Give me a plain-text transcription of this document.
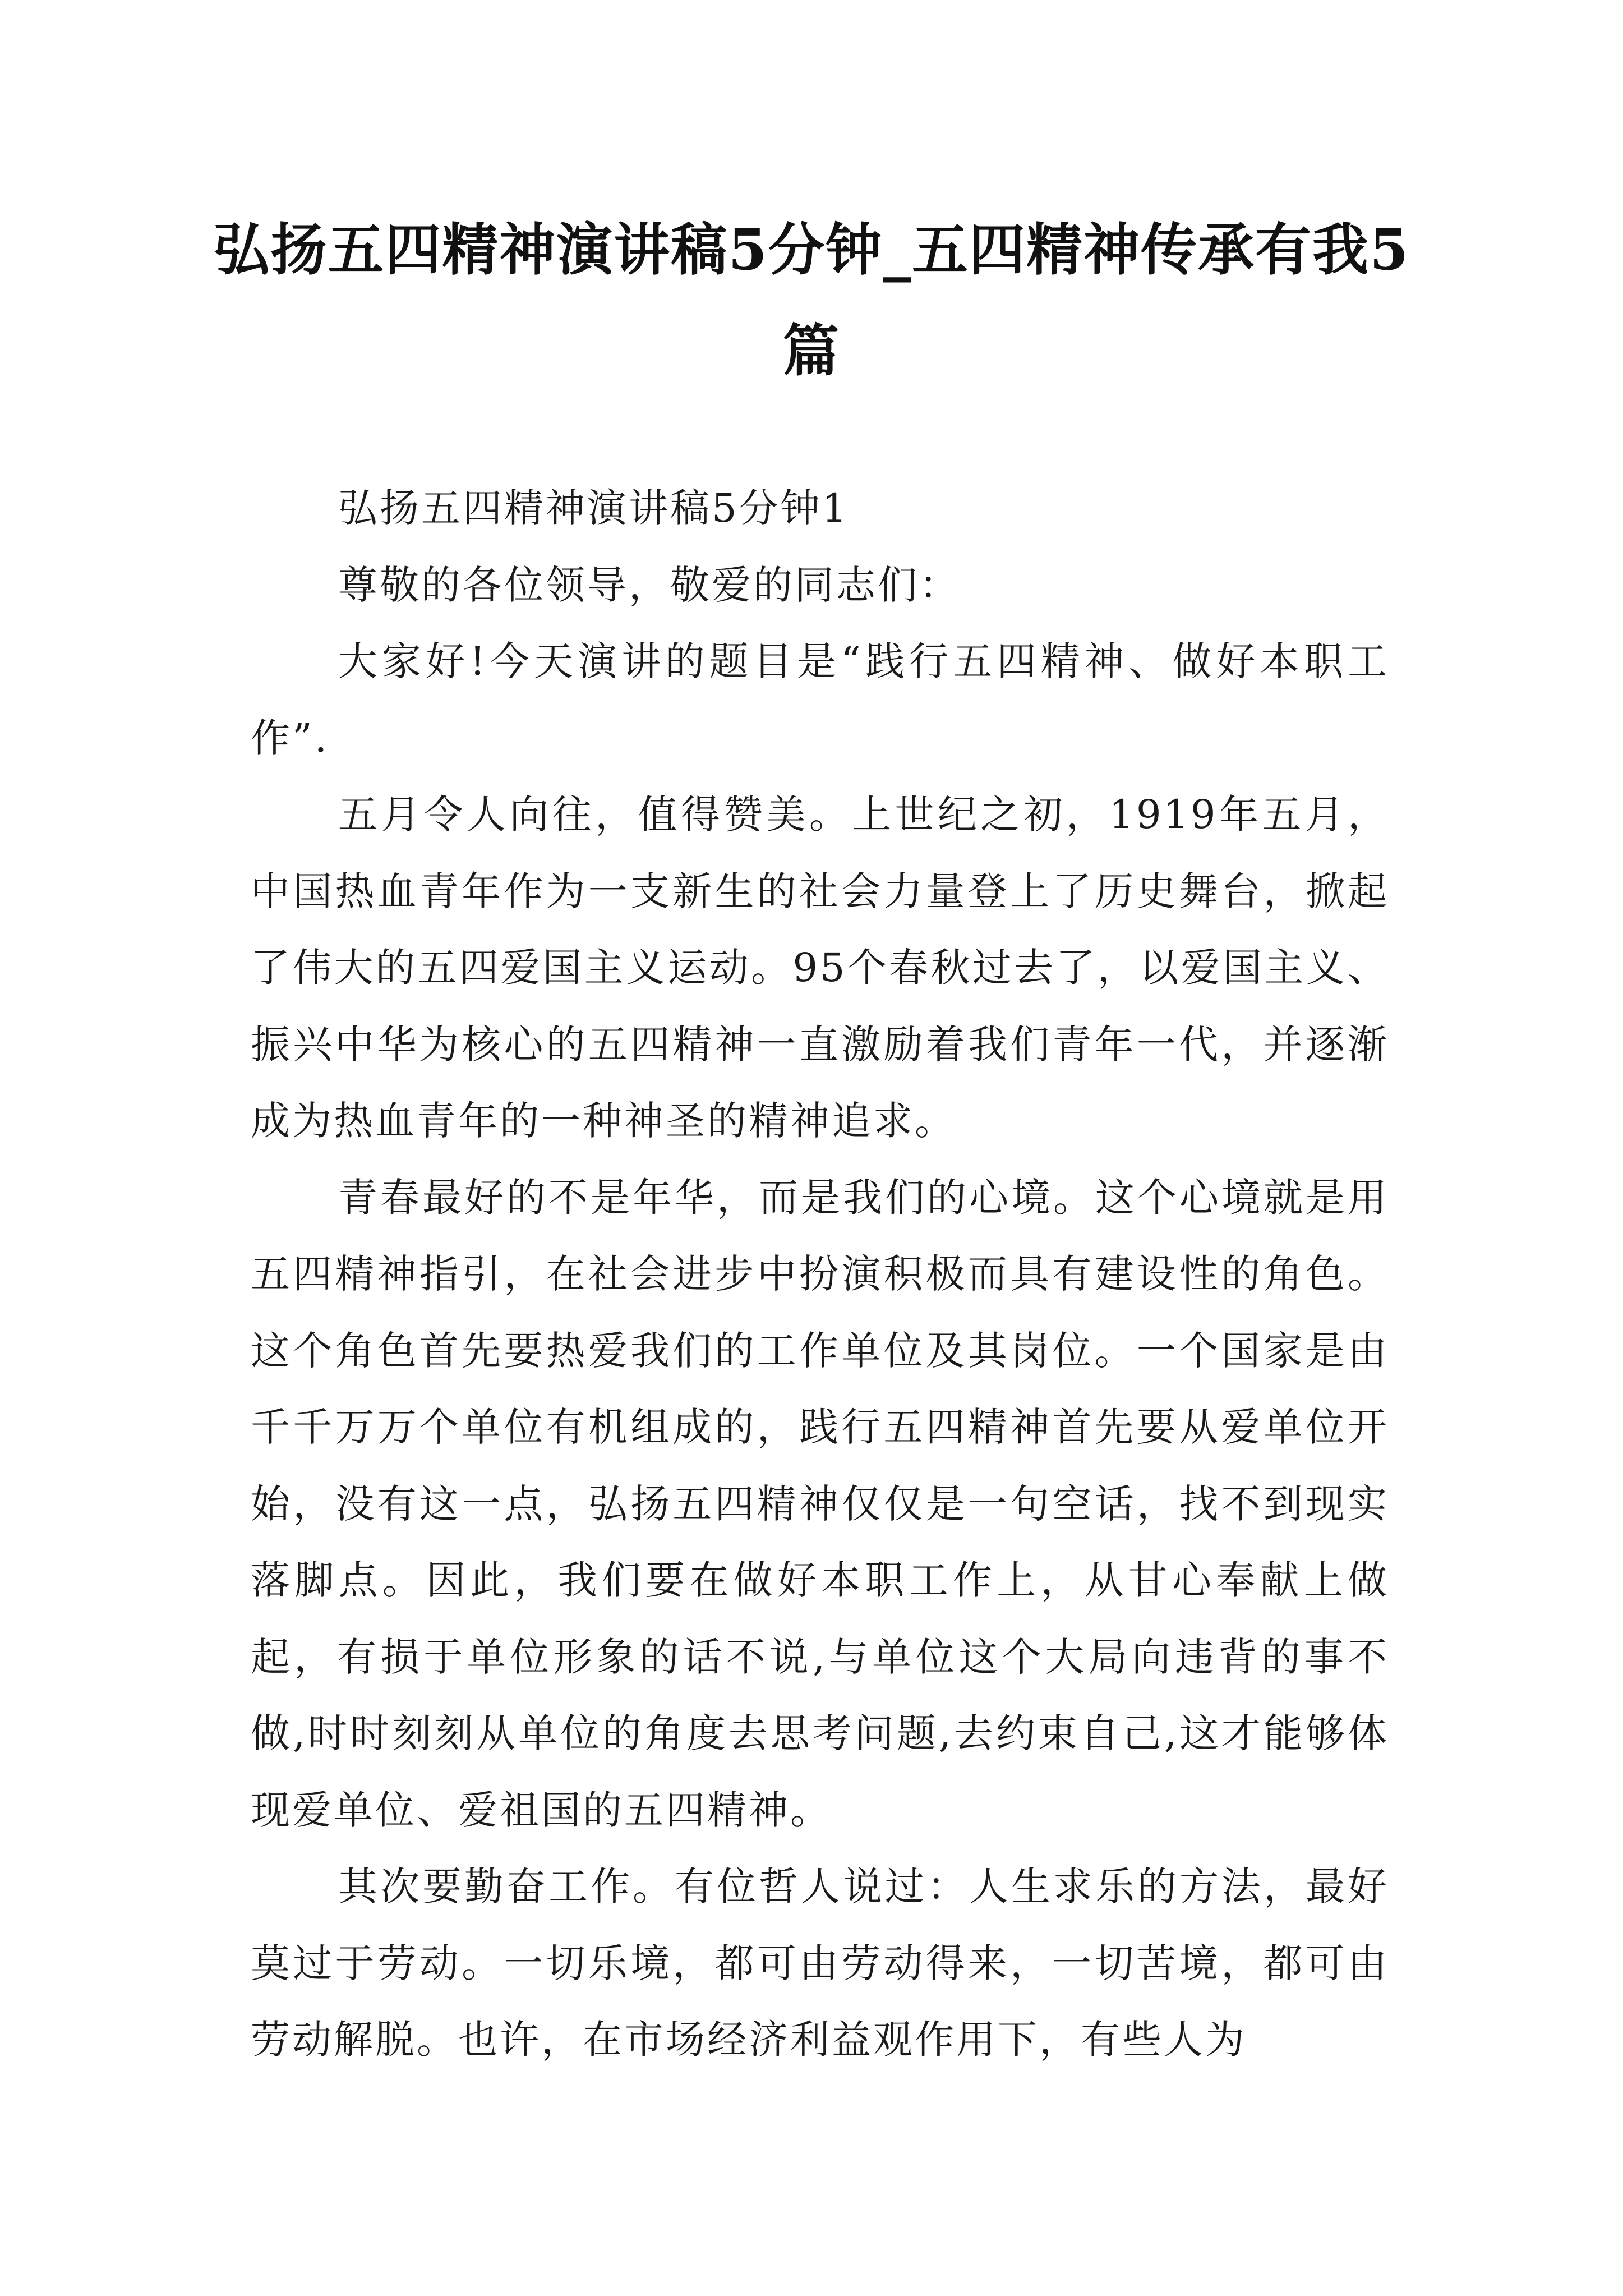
弘扬五四精神演讲稿5分钟_五四精神传承有我5篇

弘扬五四精神演讲稿5分钟1

尊敬的各位领导，敬爱的同志们：

大家好!今天演讲的题目是“践行五四精神、做好本职工作”.

五月令人向往，值得赞美。上世纪之初，1919年五月，中国热血青年作为一支新生的社会力量登上了历史舞台，掀起了伟大的五四爱国主义运动。95个春秋过去了，以爱国主义、振兴中华为核心的五四精神一直激励着我们青年一代，并逐渐成为热血青年的一种神圣的精神追求。

青春最好的不是年华，而是我们的心境。这个心境就是用五四精神指引，在社会进步中扮演积极而具有建设性的角色。这个角色首先要热爱我们的工作单位及其岗位。一个国家是由千千万万个单位有机组成的，践行五四精神首先要从爱单位开始，没有这一点，弘扬五四精神仅仅是一句空话，找不到现实落脚点。因此，我们要在做好本职工作上，从甘心奉献上做起，有损于单位形象的话不说,与单位这个大局向违背的事不做,时时刻刻从单位的角度去思考问题,去约束自己,这才能够体现爱单位、爱祖国的五四精神。

其次要勤奋工作。有位哲人说过：人生求乐的方法，最好莫过于劳动。一切乐境，都可由劳动得来，一切苦境，都可由劳动解脱。也许，在市场经济利益观作用下，有些人为
